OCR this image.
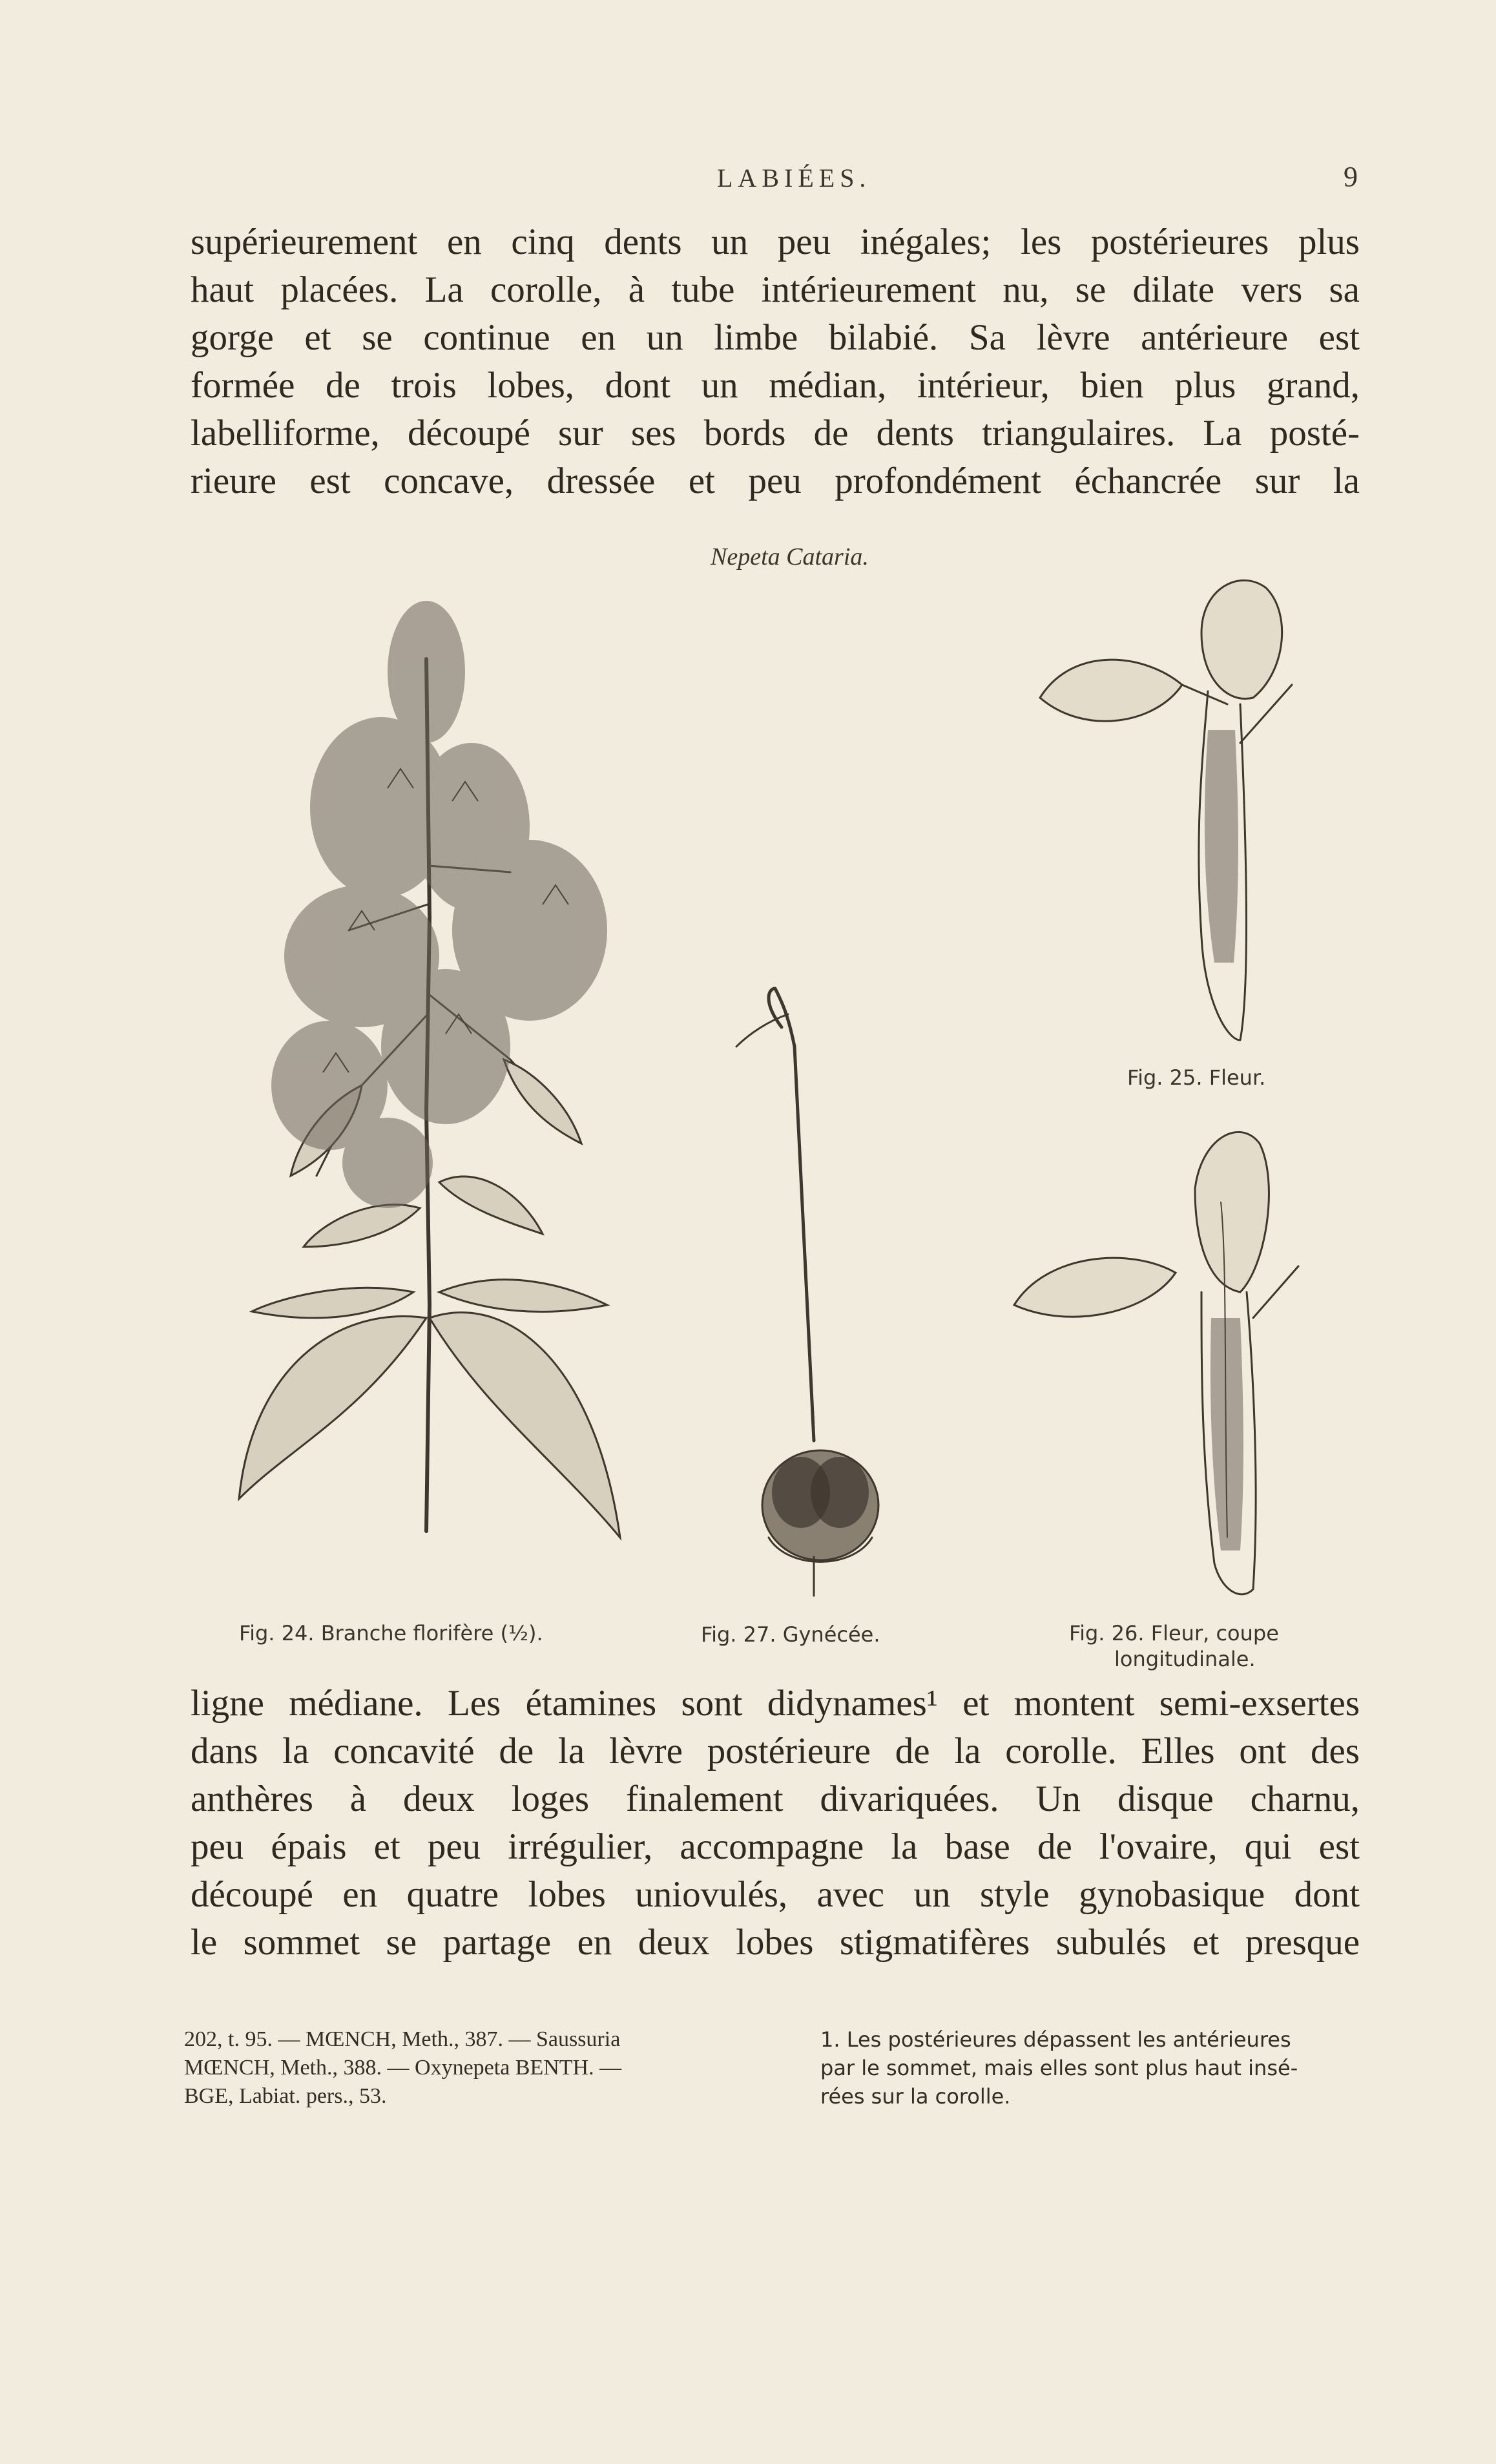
LABIÉES.	9
supérieurement en cinq dents un peu inégales; les postérieures plus
haut placées. La corolle, à tube intérieurement nu, se dilate vers sa
gorge et se continue en un limbe bilabié. Sa lèvre antérieure est
formée de trois lobes, dont un médian, intérieur, bien plus grand,
labelliforme, découpé sur ses bords de dents triangulaires. La posté-
rieure est concave, dressée et peu profondément échancrée sur la
Nepeta Cataria.
Fig. 25. Fleur.
Fig. 24. Branche florifère (½).	Fig. 27. Gynécée.	Fig. 26. Fleur, coupe
longitudinale.
ligne médiane. Les étamines sont didynames¹ et montent semi-exsertes
dans la concavité de la lèvre postérieure de la corolle. Elles ont des
anthères à deux loges finalement divariquées. Un disque charnu,
peu épais et peu irrégulier, accompagne la base de l'ovaire, qui est
découpé en quatre lobes uniovulés, avec un style gynobasique dont
le sommet se partage en deux lobes stigmatifères subulés et presque
202, t. 95. — MŒNCH, Meth., 387. — Saussuria
MŒNCH, Meth., 388. — Oxynepeta BENTH. —
BGE, Labiat. pers., 53.
1. Les postérieures dépassent les antérieures
par le sommet, mais elles sont plus haut insé-
rées sur la corolle.
